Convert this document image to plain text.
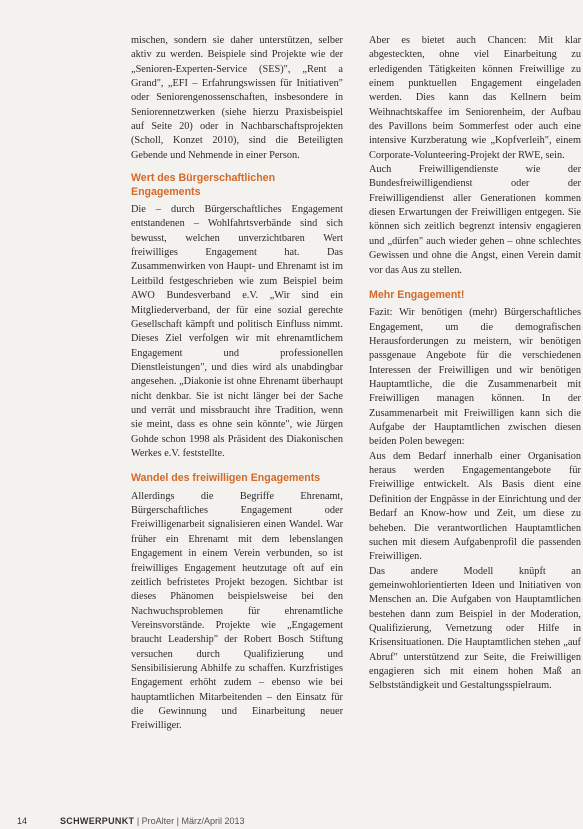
mischen, sondern sie daher unterstützen, selber aktiv zu werden. Beispiele sind Projekte wie der „Senioren-Experten-Service (SES)", „Rent a Grand", „EFI – Erfahrungswissen für Initiativen" oder Seniorengenossenschaften, insbesondere in Seniorennetzwerken (siehe hierzu Praxisbeispiel auf Seite 20) oder in Nachbarschaftsprojekten (Scholl, Konzet 2010), sind die Beteiligten Gebende und Nehmende in einer Person.

Wert des Bürgerschaftlichen Engagements

Die – durch Bürgerschaftliches Engagement entstandenen – Wohlfahrtsverbände sind sich bewusst, welchen unverzichtbaren Wert freiwilliges Engagement hat. Das Zusammenwirken von Haupt- und Ehrenamt ist im Leitbild festgeschrieben wie zum Beispiel beim AWO Bundesverband e.V. „Wir sind ein Mitgliederverband, der für eine sozial gerechte Gesellschaft kämpft und politisch Einfluss nimmt. Dieses Ziel verfolgen wir mit ehrenamtlichem Engagement und professionellen Dienstleistungen", und dies wird als unabdingbar angesehen. „Diakonie ist ohne Ehrenamt überhaupt nicht denkbar. Sie ist nicht länger bei der Sache und verrät und missbraucht ihre Tradition, wenn sie meint, dass es ohne sein könnte", wie Jürgen Gohde schon 1998 als Präsident des Diakonischen Werkes e.V. feststellte.

Wandel des freiwilligen Engagements

Allerdings die Begriffe Ehrenamt, Bürgerschaftliches Engagement oder Freiwilligenarbeit signalisieren einen Wandel. War früher ein Ehrenamt mit dem lebenslangen Engagement in einem Verein verbunden, so ist freiwilliges Engagement heutzutage oft auf ein zeitlich befristetes Projekt bezogen. Sichtbar ist dieses Phänomen beispielsweise bei den Nachwuchsproblemen für ehrenamtliche Vereinsvorstände. Projekte wie „Engagement braucht Leadership" der Robert Bosch Stiftung versuchen durch Qualifizierung und Sensibilisierung Abhilfe zu schaffen. Kurzfristiges Engagement erhöht zudem – ebenso wie bei hauptamtlichen Mitarbeitenden – den Einsatz für die Gewinnung und Einarbeitung neuer Freiwilliger.

Aber es bietet auch Chancen: Mit klar abgesteckten, ohne viel Einarbeitung zu erledigenden Tätigkeiten können Freiwillige zu einem punktuellen Engagement eingeladen werden. Dies kann das Kellnern beim Weihnachtskaffee im Seniorenheim, der Aufbau des Pavillons beim Sommerfest oder auch eine intensive Kurzberatung wie „Kopfverleih", einem Corporate-Volunteering-Projekt der RWE, sein.

Auch Freiwilligendienste wie der Bundesfreiwilligendienst oder der Freiwilligendienst aller Generationen kommen diesen Erwartungen der Freiwilligen entgegen. Sie können sich zeitlich begrenzt intensiv engagieren und „dürfen" auch wieder gehen – ohne schlechtes Gewissen und ohne die Angst, einen Verein damit vor das Aus zu stellen.

Mehr Engagement!

Fazit: Wir benötigen (mehr) Bürgerschaftliches Engagement, um die demografischen Herausforderungen zu meistern, wir benötigen passgenaue Angebote für die verschiedenen Interessen der Freiwilligen und wir benötigen Hauptamtliche, die die Zusammenarbeit mit Freiwilligen managen können. In der Zusammenarbeit mit Freiwilligen kann sich die Aufgabe der Hauptamtlichen zwischen diesen beiden Polen bewegen:

Aus dem Bedarf innerhalb einer Organisation heraus werden Engagementangebote für Freiwillige entwickelt. Als Basis dient eine Definition der Engpässe in der Einrichtung und der Bedarf an Know-how und Zeit, um diese zu beheben. Die verantwortlichen Hauptamtlichen suchen mit diesem Aufgabenprofil die passenden Freiwilligen.

Das andere Modell knüpft an gemeinwohlorientierten Ideen und Initiativen von Menschen an. Die Aufgaben von Hauptamtlichen bestehen dann zum Beispiel in der Moderation, Qualifizierung, Vernetzung oder Hilfe in Krisensituationen. Die Hauptamtlichen stehen „auf Abruf" unterstützend zur Seite, die Freiwilligen engagieren sich mit einem hohen Maß an Selbstständigkeit und Gestaltungsspielraum.

14	SCHWERPUNKT | ProAlter | März/April 2013
